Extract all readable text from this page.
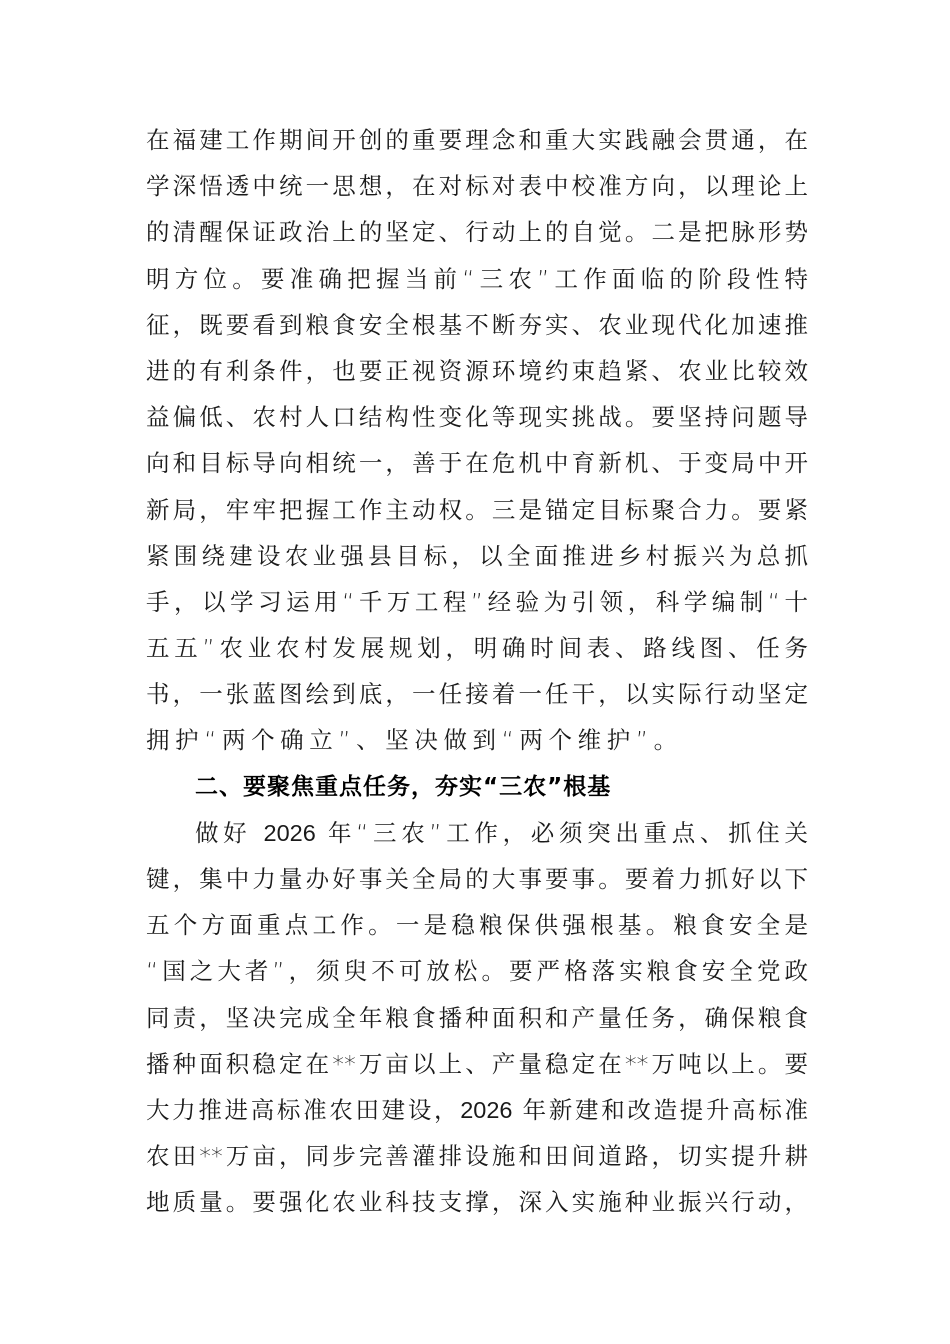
在福建工作期间开创的重要理念和重大实践融会贯通，在
学深悟透中统一思想，在对标对表中校准方向，以理论上
的清醒保证政治上的坚定、行动上的自觉。二是把脉形势
明方位。要准确把握当前“三农”工作面临的阶段性特
征，既要看到粮食安全根基不断夯实、农业现代化加速推
进的有利条件，也要正视资源环境约束趋紧、农业比较效
益偏低、农村人口结构性变化等现实挑战。要坚持问题导
向和目标导向相统一，善于在危机中育新机、于变局中开
新局，牢牢把握工作主动权。三是锚定目标聚合力。要紧
紧围绕建设农业强县目标，以全面推进乡村振兴为总抓
手，以学习运用“千万工程”经验为引领，科学编制“十
五五”农业农村发展规划，明确时间表、路线图、任务
书，一张蓝图绘到底，一任接着一任干，以实际行动坚定
拥护“两个确立”、坚决做到“两个维护”。
二、要聚焦重点任务，夯实“三农”根基
做好 2026 年“三农”工作，必须突出重点、抓住关
键，集中力量办好事关全局的大事要事。要着力抓好以下
五个方面重点工作。一是稳粮保供强根基。粮食安全是
“国之大者”，须臾不可放松。要严格落实粮食安全党政
同责，坚决完成全年粮食播种面积和产量任务，确保粮食
播种面积稳定在**万亩以上、产量稳定在**万吨以上。要
大力推进高标准农田建设，2026 年新建和改造提升高标准
农田**万亩，同步完善灌排设施和田间道路，切实提升耕
地质量。要强化农业科技支撑，深入实施种业振兴行动，
